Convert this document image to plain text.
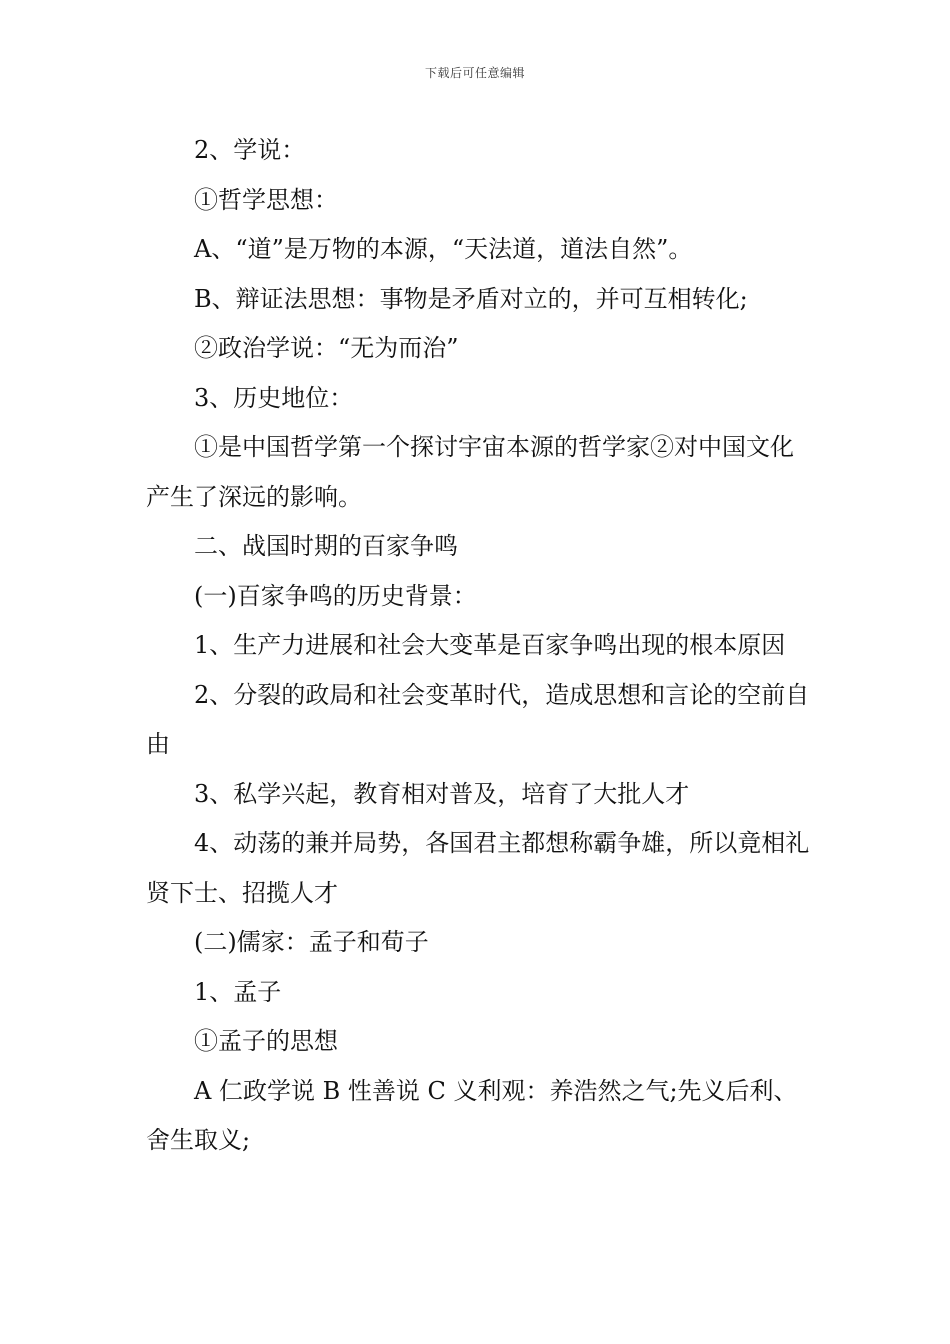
下载后可任意编辑

2、学说：

①哲学思想：

A、“道”是万物的本源，“天法道，道法自然”。

B、辩证法思想：事物是矛盾对立的，并可互相转化;

②政治学说：“无为而治”

3、历史地位：

①是中国哲学第一个探讨宇宙本源的哲学家②对中国文化产生了深远的影响。

二、战国时期的百家争鸣

(一)百家争鸣的历史背景：

1、生产力进展和社会大变革是百家争鸣出现的根本原因

2、分裂的政局和社会变革时代，造成思想和言论的空前自由

3、私学兴起，教育相对普及，培育了大批人才

4、动荡的兼并局势，各国君主都想称霸争雄，所以竟相礼贤下士、招揽人才

(二)儒家：孟子和荀子

1、孟子

①孟子的思想

A 仁政学说 B 性善说 C 义利观：养浩然之气;先义后利、舍生取义;
